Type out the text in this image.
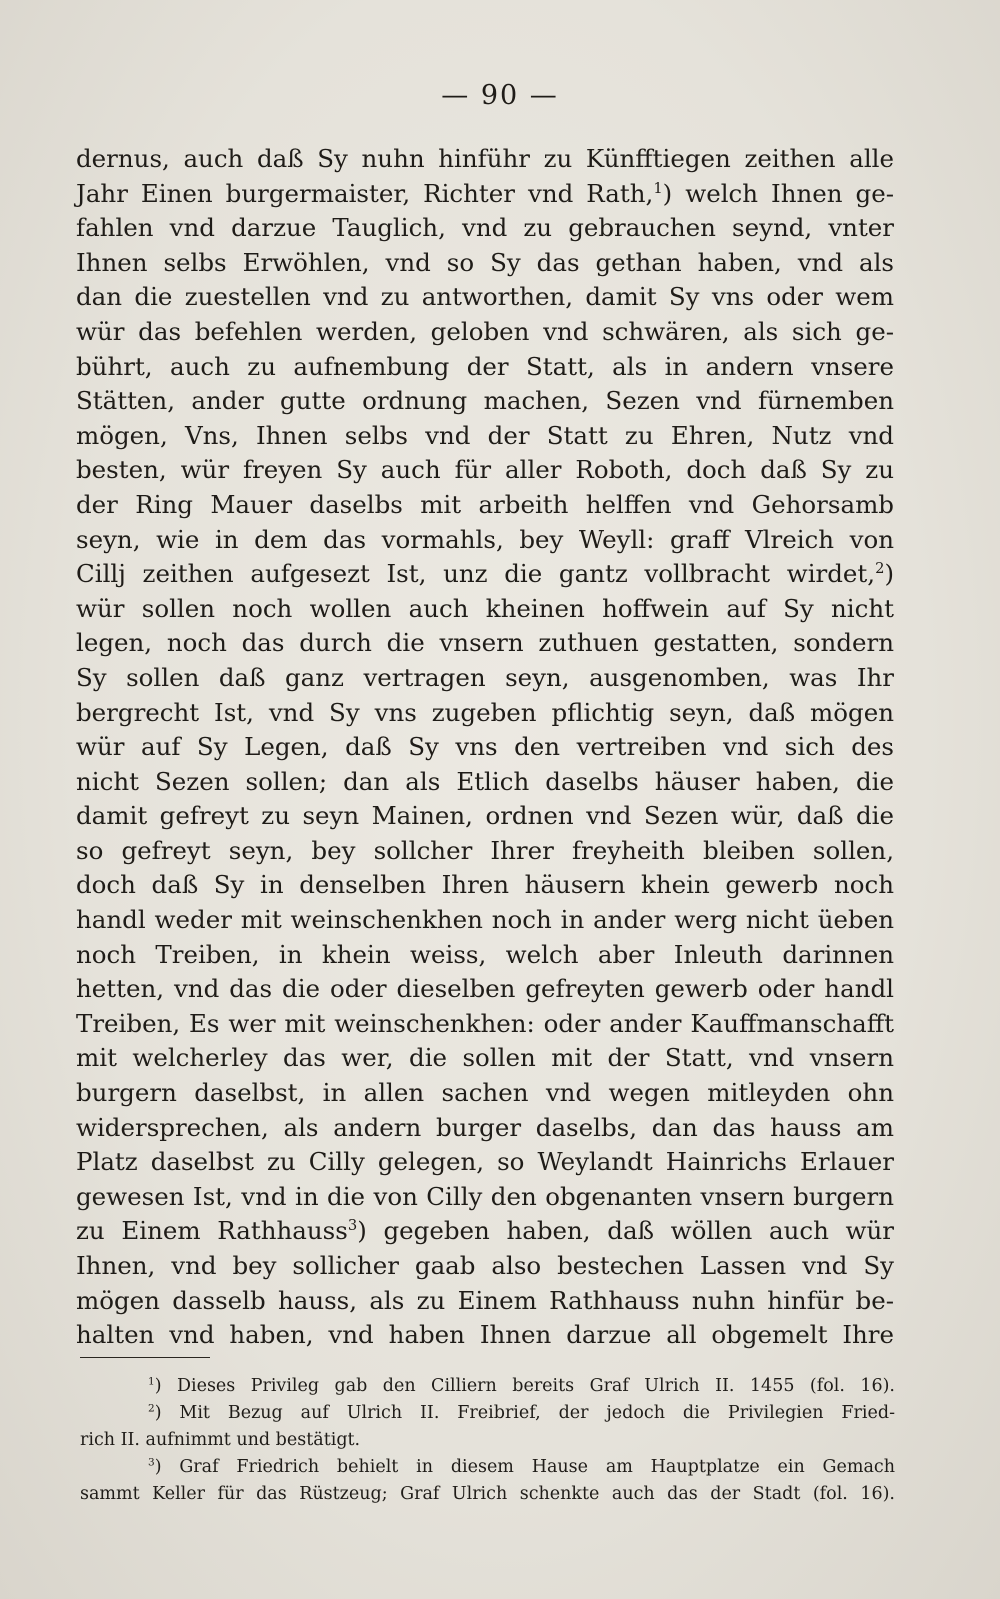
— 90 —
dernus, auch daß Sy nuhn hinführ zu Künfftiegen zeithen alle
Jahr Einen burgermaister, Richter vnd Rath,$^1$) welch Ihnen ge-
fahlen vnd darzue Tauglich, vnd zu gebrauchen seynd, vnter
Ihnen selbs Erwöhlen, vnd so Sy das gethan haben, vnd als
dan die zuestellen vnd zu antworthen, damit Sy vns oder wem
wür das befehlen werden, geloben vnd schwären, als sich ge-
bührt, auch zu aufnembung der Statt, als in andern vnsere
Stätten, ander gutte ordnung machen, Sezen vnd fürnemben
mögen, Vns, Ihnen selbs vnd der Statt zu Ehren, Nutz vnd
besten, wür freyen Sy auch für aller Roboth, doch daß Sy zu
der Ring Mauer daselbs mit arbeith helffen vnd Gehorsamb
seyn, wie in dem das vormahls, bey Weyll: graff Vlreich von
Cillj zeithen aufgesezt Ist, unz die gantz vollbracht wirdet,$^2$)
wür sollen noch wollen auch kheinen hoffwein auf Sy nicht
legen, noch das durch die vnsern zuthuen gestatten, sondern
Sy sollen daß ganz vertragen seyn, ausgenomben, was Ihr
bergrecht Ist, vnd Sy vns zugeben pflichtig seyn, daß mögen
wür auf Sy Legen, daß Sy vns den vertreiben vnd sich des
nicht Sezen sollen; dan als Etlich daselbs häuser haben, die
damit gefreyt zu seyn Mainen, ordnen vnd Sezen wür, daß die
so gefreyt seyn, bey sollcher Ihrer freyheith bleiben sollen,
doch daß Sy in denselben Ihren häusern khein gewerb noch
handl weder mit weinschenkhen noch in ander werg nicht üeben
noch Treiben, in khein weiss, welch aber Inleuth darinnen
hetten, vnd das die oder dieselben gefreyten gewerb oder handl
Treiben, Es wer mit weinschenkhen: oder ander Kauffmanschafft
mit welcherley das wer, die sollen mit der Statt, vnd vnsern
burgern daselbst, in allen sachen vnd wegen mitleyden ohn
widersprechen, als andern burger daselbs, dan das hauss am
Platz daselbst zu Cilly gelegen, so Weylandt Hainrichs Erlauer
gewesen Ist, vnd in die von Cilly den obgenanten vnsern burgern
zu Einem Rathhauss$^3$) gegeben haben, daß wöllen auch wür
Ihnen, vnd bey sollicher gaab also bestechen Lassen vnd Sy
mögen dasselb hauss, als zu Einem Rathhauss nuhn hinfür be-
halten vnd haben, vnd haben Ihnen darzue all obgemelt Ihre
$^1$) Dieses Privileg gab den Cilliern bereits Graf Ulrich II. 1455 (fol. 16).
$^2$) Mit Bezug auf Ulrich II. Freibrief, der jedoch die Privilegien Fried-
rich II. aufnimmt und bestätigt.
$^3$) Graf Friedrich behielt in diesem Hause am Hauptplatze ein Gemach
sammt Keller für das Rüstzeug; Graf Ulrich schenkte auch das der Stadt (fol. 16).
